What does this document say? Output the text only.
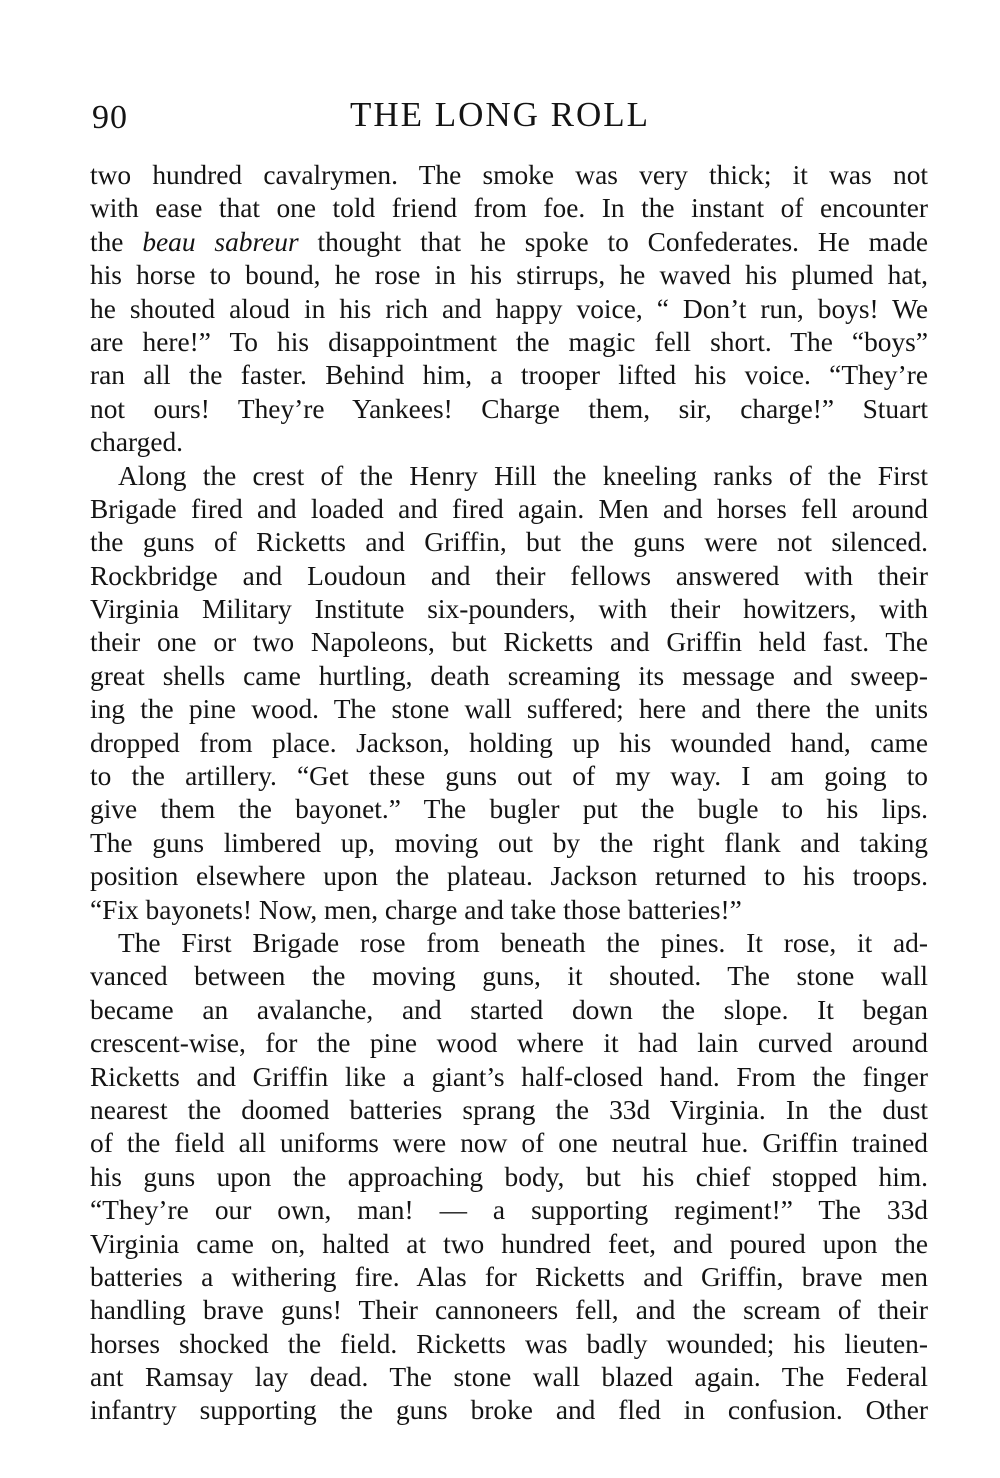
90	THE LONG ROLL
two hundred cavalrymen. The smoke was very thick; it was not
with ease that one told friend from foe. In the instant of encounter
the beau sabreur thought that he spoke to Confederates. He made
his horse to bound, he rose in his stirrups, he waved his plumed hat,
he shouted aloud in his rich and happy voice, “ Don’t run, boys! We
are here!” To his disappointment the magic fell short. The “boys”
ran all the faster. Behind him, a trooper lifted his voice. “They’re
not ours! They’re Yankees! Charge them, sir, charge!” Stuart
charged.
Along the crest of the Henry Hill the kneeling ranks of the First
Brigade fired and loaded and fired again. Men and horses fell around
the guns of Ricketts and Griffin, but the guns were not silenced.
Rockbridge and Loudoun and their fellows answered with their
Virginia Military Institute six-pounders, with their howitzers, with
their one or two Napoleons, but Ricketts and Griffin held fast. The
great shells came hurtling, death screaming its message and sweep-
ing the pine wood. The stone wall suffered; here and there the units
dropped from place. Jackson, holding up his wounded hand, came
to the artillery. “Get these guns out of my way. I am going to
give them the bayonet.” The bugler put the bugle to his lips.
The guns limbered up, moving out by the right flank and taking
position elsewhere upon the plateau. Jackson returned to his troops.
“Fix bayonets! Now, men, charge and take those batteries!”
The First Brigade rose from beneath the pines. It rose, it ad-
vanced between the moving guns, it shouted. The stone wall
became an avalanche, and started down the slope. It began
crescent-wise, for the pine wood where it had lain curved around
Ricketts and Griffin like a giant’s half-closed hand. From the finger
nearest the doomed batteries sprang the 33d Virginia. In the dust
of the field all uniforms were now of one neutral hue. Griffin trained
his guns upon the approaching body, but his chief stopped him.
“They’re our own, man! — a supporting regiment!” The 33d
Virginia came on, halted at two hundred feet, and poured upon the
batteries a withering fire. Alas for Ricketts and Griffin, brave men
handling brave guns! Their cannoneers fell, and the scream of their
horses shocked the field. Ricketts was badly wounded; his lieuten-
ant Ramsay lay dead. The stone wall blazed again. The Federal
infantry supporting the guns broke and fled in confusion. Other
